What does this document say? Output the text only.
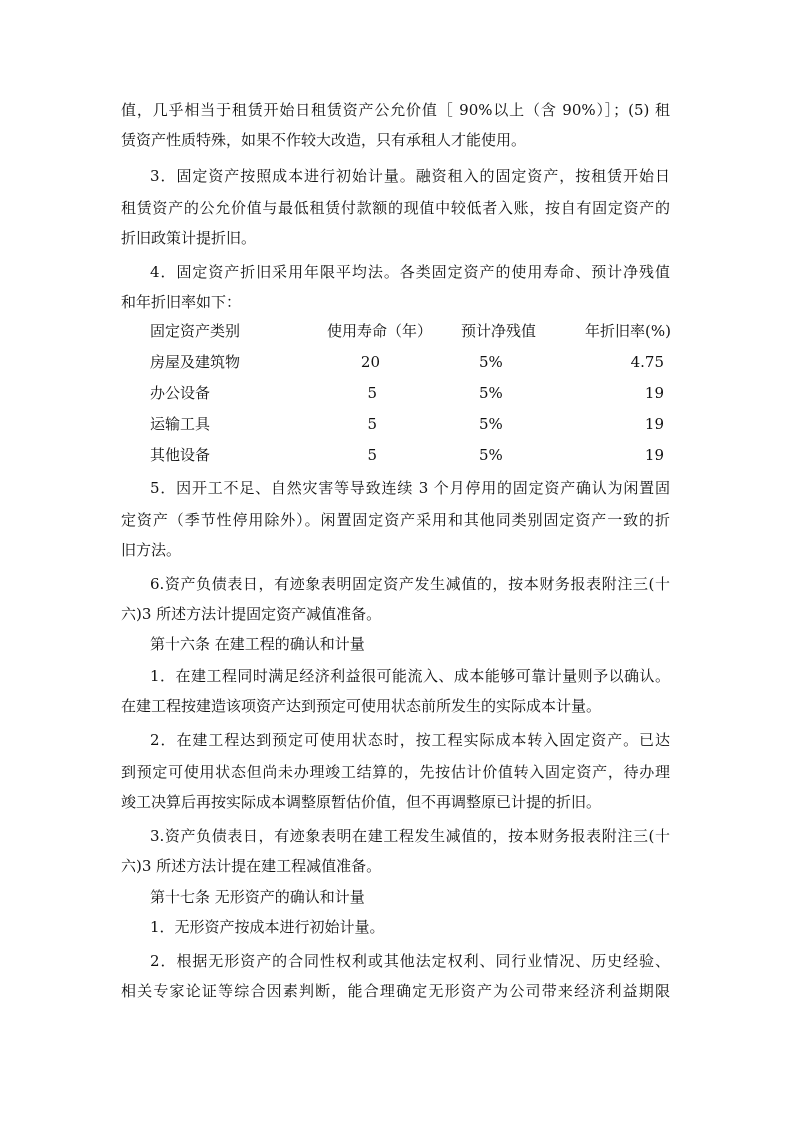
值，几乎相当于租赁开始日租赁资产公允价值［ 90%以上（含 90%）］；(5) 租
赁资产性质特殊，如果不作较大改造，只有承租人才能使用。
3．固定资产按照成本进行初始计量。融资租入的固定资产，按租赁开始日
租赁资产的公允价值与最低租赁付款额的现值中较低者入账，按自有固定资产的
折旧政策计提折旧。
4．固定资产折旧采用年限平均法。各类固定资产的使用寿命、预计净残值
和年折旧率如下：
固定资产类别	使用寿命（年） 预计净残值	年折旧率(%)
房屋及建筑物	20	5%	4.75
办公设备	5	5%	19
运输工具	5	5%	19
其他设备	5	5%	19
5．因开工不足、自然灾害等导致连续 3 个月停用的固定资产确认为闲置固
定资产（季节性停用除外）。闲置固定资产采用和其他同类别固定资产一致的折
旧方法。
6.资产负债表日，有迹象表明固定资产发生减值的，按本财务报表附注三(十
六)3 所述方法计提固定资产减值准备。
第十六条 在建工程的确认和计量
1．在建工程同时满足经济利益很可能流入、成本能够可靠计量则予以确认。
在建工程按建造该项资产达到预定可使用状态前所发生的实际成本计量。
2．在建工程达到预定可使用状态时，按工程实际成本转入固定资产。已达
到预定可使用状态但尚未办理竣工结算的，先按估计价值转入固定资产，待办理
竣工决算后再按实际成本调整原暂估价值，但不再调整原已计提的折旧。
3.资产负债表日，有迹象表明在建工程发生减值的，按本财务报表附注三(十
六)3 所述方法计提在建工程减值准备。
第十七条 无形资产的确认和计量
1．无形资产按成本进行初始计量。
2．根据无形资产的合同性权利或其他法定权利、同行业情况、历史经验、
相关专家论证等综合因素判断，能合理确定无形资产为公司带来经济利益期限
